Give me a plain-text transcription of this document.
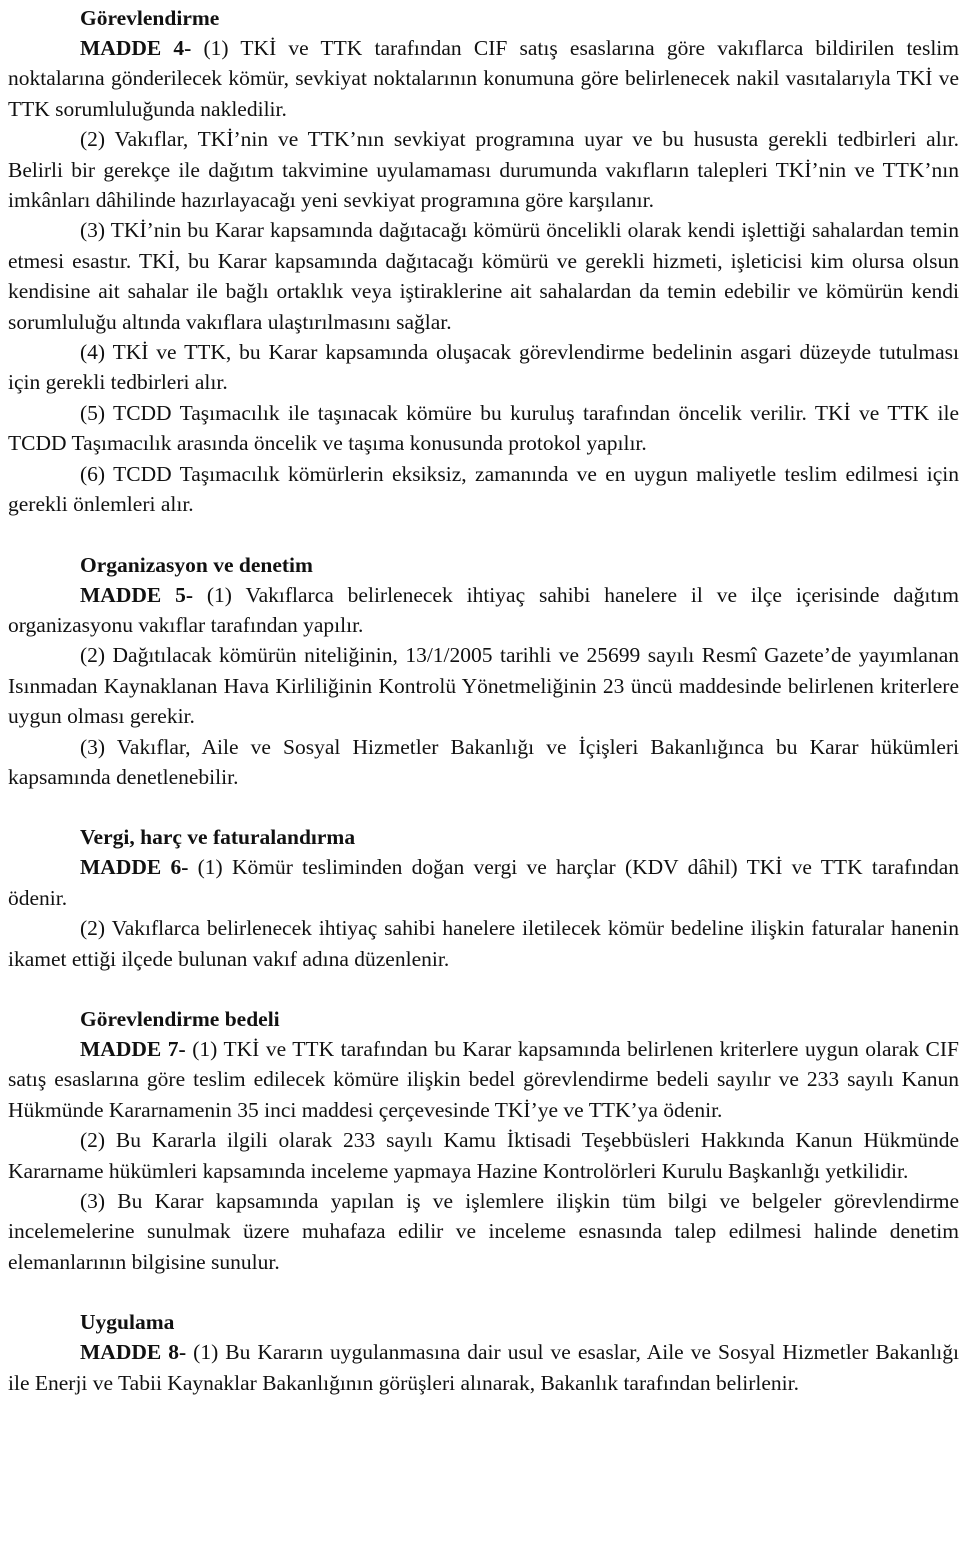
Görevlendirme

MADDE 4- (1) TKİ ve TTK tarafından CIF satış esaslarına göre vakıflarca bildirilen teslim noktalarına gönderilecek kömür, sevkiyat noktalarının konumuna göre belirlenecek nakil vasıtalarıyla TKİ ve TTK sorumluluğunda nakledilir.

(2) Vakıflar, TKİ’nin ve TTK’nın sevkiyat programına uyar ve bu hususta gerekli tedbirleri alır. Belirli bir gerekçe ile dağıtım takvimine uyulamaması durumunda vakıfların talepleri TKİ’nin ve TTK’nın imkânları dâhilinde hazırlayacağı yeni sevkiyat programına göre karşılanır.

(3) TKİ’nin bu Karar kapsamında dağıtacağı kömürü öncelikli olarak kendi işlettiği sahalardan temin etmesi esastır. TKİ, bu Karar kapsamında dağıtacağı kömürü ve gerekli hizmeti, işleticisi kim olursa olsun kendisine ait sahalar ile bağlı ortaklık veya iştiraklerine ait sahalardan da temin edebilir ve kömürün kendi sorumluluğu altında vakıflara ulaştırılmasını sağlar.

(4) TKİ ve TTK, bu Karar kapsamında oluşacak görevlendirme bedelinin asgari düzeyde tutulması için gerekli tedbirleri alır.

(5) TCDD Taşımacılık ile taşınacak kömüre bu kuruluş tarafından öncelik verilir. TKİ ve TTK ile TCDD Taşımacılık arasında öncelik ve taşıma konusunda protokol yapılır.

(6) TCDD Taşımacılık kömürlerin eksiksiz, zamanında ve en uygun maliyetle teslim edilmesi için gerekli önlemleri alır.

Organizasyon ve denetim

MADDE 5- (1) Vakıflarca belirlenecek ihtiyaç sahibi hanelere il ve ilçe içerisinde dağıtım organizasyonu vakıflar tarafından yapılır.

(2) Dağıtılacak kömürün niteliğinin, 13/1/2005 tarihli ve 25699 sayılı Resmî Gazete’de yayımlanan Isınmadan Kaynaklanan Hava Kirliliğinin Kontrolü Yönetmeliğinin 23 üncü maddesinde belirlenen kriterlere uygun olması gerekir.

(3) Vakıflar, Aile ve Sosyal Hizmetler Bakanlığı ve İçişleri Bakanlığınca bu Karar hükümleri kapsamında denetlenebilir.

Vergi, harç ve faturalandırma

MADDE 6- (1) Kömür tesliminden doğan vergi ve harçlar (KDV dâhil) TKİ ve TTK tarafından ödenir.

(2) Vakıflarca belirlenecek ihtiyaç sahibi hanelere iletilecek kömür bedeline ilişkin faturalar hanenin ikamet ettiği ilçede bulunan vakıf adına düzenlenir.

Görevlendirme bedeli

MADDE 7- (1) TKİ ve TTK tarafından bu Karar kapsamında belirlenen kriterlere uygun olarak CIF satış esaslarına göre teslim edilecek kömüre ilişkin bedel görevlendirme bedeli sayılır ve 233 sayılı Kanun Hükmünde Kararnamenin 35 inci maddesi çerçevesinde TKİ’ye ve TTK’ya ödenir.

(2) Bu Kararla ilgili olarak 233 sayılı Kamu İktisadi Teşebbüsleri Hakkında Kanun Hükmünde Kararname hükümleri kapsamında inceleme yapmaya Hazine Kontrolörleri Kurulu Başkanlığı yetkilidir.

(3) Bu Karar kapsamında yapılan iş ve işlemlere ilişkin tüm bilgi ve belgeler görevlendirme incelemelerine sunulmak üzere muhafaza edilir ve inceleme esnasında talep edilmesi halinde denetim elemanlarının bilgisine sunulur.

Uygulama

MADDE 8- (1) Bu Kararın uygulanmasına dair usul ve esaslar, Aile ve Sosyal Hizmetler Bakanlığı ile Enerji ve Tabii Kaynaklar Bakanlığının görüşleri alınarak, Bakanlık tarafından belirlenir.
